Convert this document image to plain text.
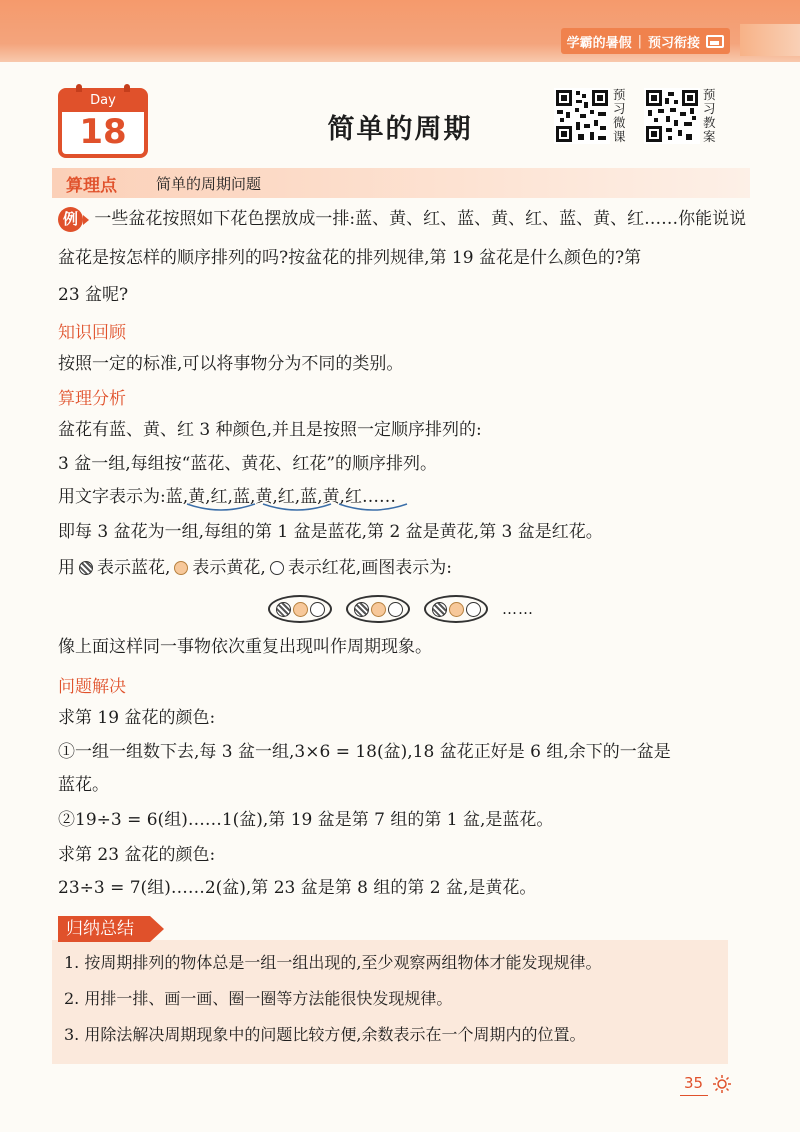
学霸的暑假 | 预习衔接
Day
18	简单的周期
预习微课
预习教案
算理点	简单的周期问题
例 一些盆花按照如下花色摆放成一排:蓝、黄、红、蓝、黄、红、蓝、黄、红……你能说说
盆花是按怎样的顺序排列的吗?按盆花的排列规律,第 19 盆花是什么颜色的?第
23 盆呢?
知识回顾
按照一定的标准,可以将事物分为不同的类别。
算理分析
盆花有蓝、黄、红 3 种颜色,并且是按照一定顺序排列的:
3 盆一组,每组按“蓝花、黄花、红花”的顺序排列。
用文字表示为:蓝,黄,红,蓝,黄,红,蓝,黄,红……
即每 3 盆花为一组,每组的第 1 盆是蓝花,第 2 盆是黄花,第 3 盆是红花。
用 表示蓝花, 表示黄花, 表示红花,画图表示为:
……
像上面这样同一事物依次重复出现叫作周期现象。
问题解决
求第 19 盆花的颜色:
①一组一组数下去,每 3 盆一组,3×6 = 18(盆),18 盆花正好是 6 组,余下的一盆是
蓝花。
②19÷3 = 6(组)……1(盆),第 19 盆是第 7 组的第 1 盆,是蓝花。
求第 23 盆花的颜色:
23÷3 = 7(组)……2(盆),第 23 盆是第 8 组的第 2 盆,是黄花。
1. 按周期排列的物体总是一组一组出现的,至少观察两组物体才能发现规律。
2. 用排一排、画一画、圈一圈等方法能很快发现规律。
3. 用除法解决周期现象中的问题比较方便,余数表示在一个周期内的位置。
归纳总结
35
